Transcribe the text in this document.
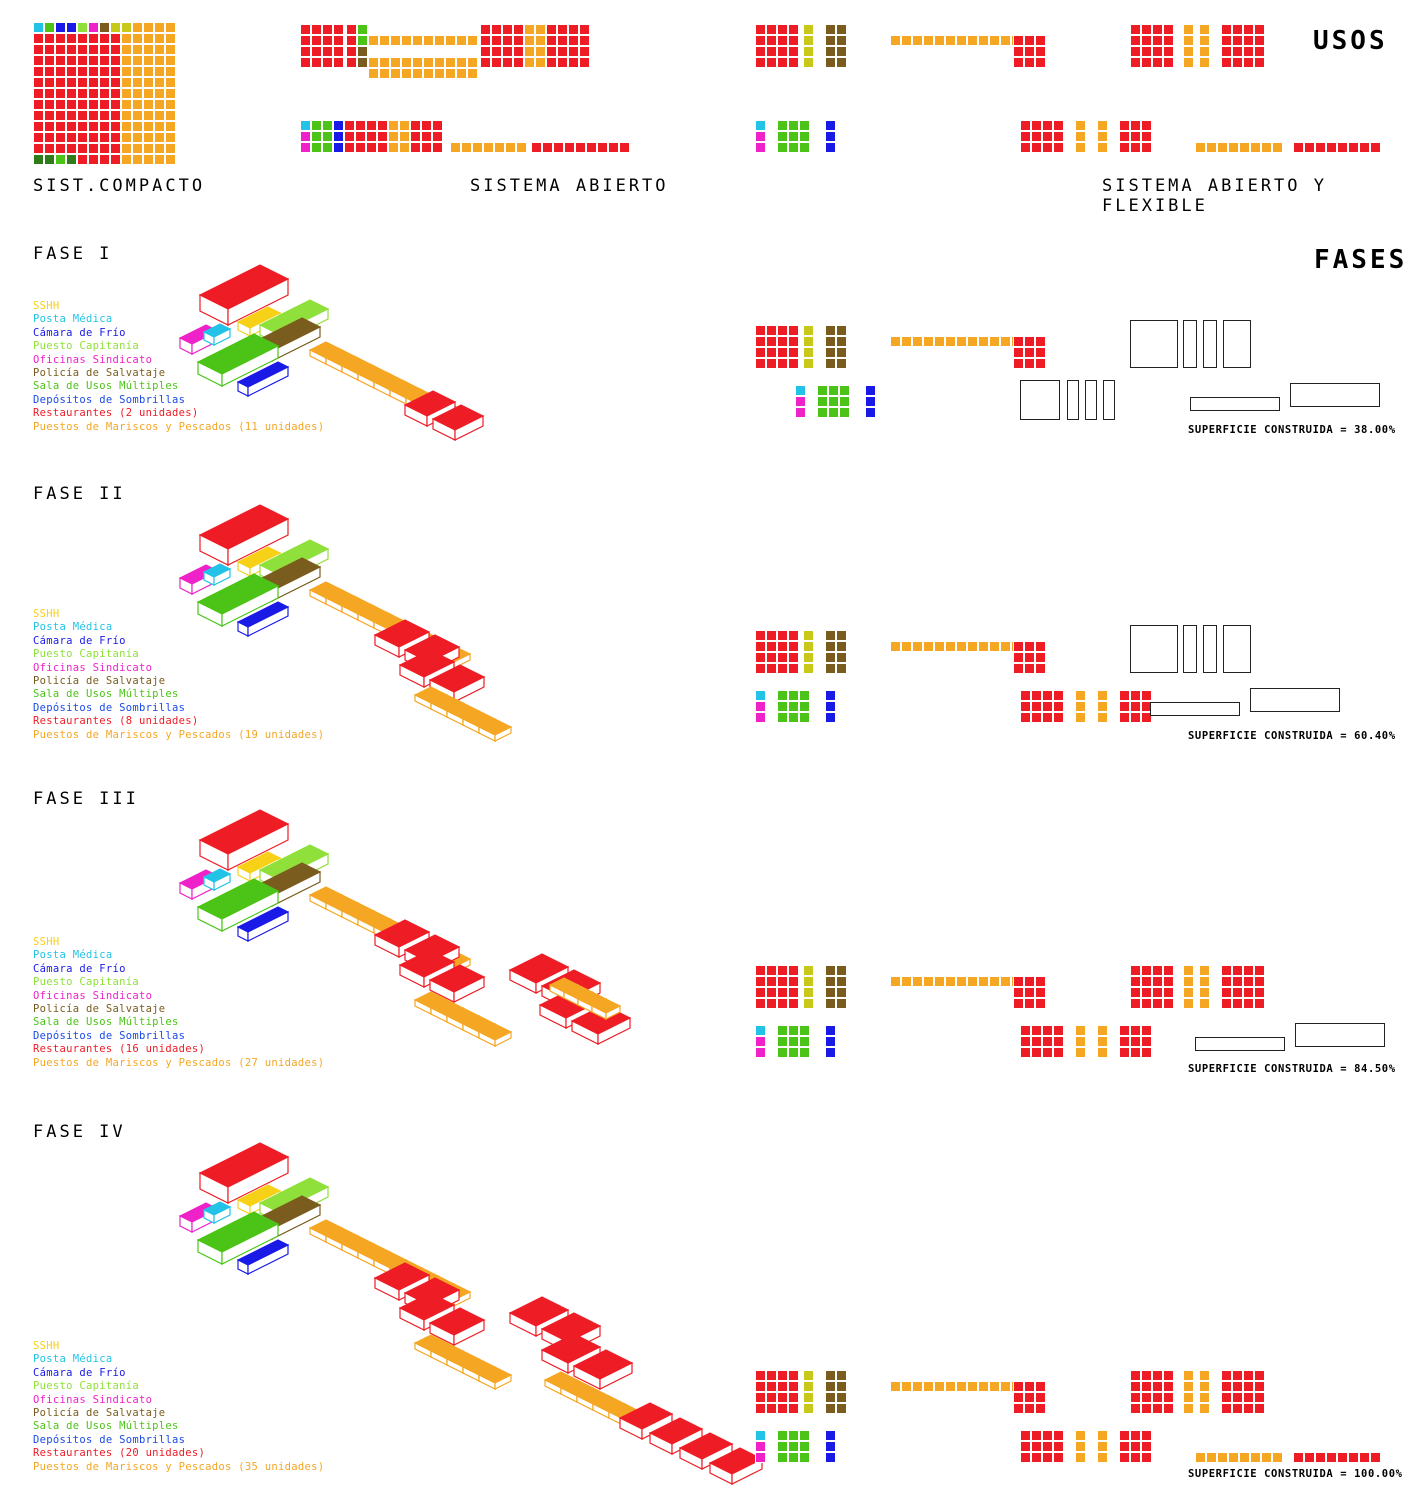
USOS
SIST.COMPACTO	SISTEMA ABIERTO	SISTEMA ABIERTO Y FLEXIBLE
FASES
FASE I
SSHH
Posta Médica
Cámara de Frío
Puesto Capitanía
Oficinas Sindicato
Policía de Salvataje
Sala de Usos Múltiples
Depósitos de Sombrillas
Restaurantes (2 unidades)
Puestos de Mariscos y Pescados (11 unidades)	SUPERFICIE CONSTRUIDA = 38.00%
FASE II
SSHH
Posta Médica
Cámara de Frío
Puesto Capitanía
Oficinas Sindicato
Policía de Salvataje
Sala de Usos Múltiples
Depósitos de Sombrillas
Restaurantes (8 unidades)
Puestos de Mariscos y Pescados (19 unidades)	SUPERFICIE CONSTRUIDA = 60.40%
FASE III
SSHH
Posta Médica
Cámara de Frío
Puesto Capitanía
Oficinas Sindicato
Policía de Salvataje
Sala de Usos Múltiples
Depósitos de Sombrillas
Restaurantes (16 unidades)
Puestos de Mariscos y Pescados (27 unidades)
SUPERFICIE CONSTRUIDA = 84.50%
FASE IV
SSHH
Posta Médica
Cámara de Frío
Puesto Capitanía
Oficinas Sindicato
Policía de Salvataje
Sala de Usos Múltiples
Depósitos de Sombrillas
Restaurantes (20 unidades)
Puestos de Mariscos y Pescados (35 unidades)
SUPERFICIE CONSTRUIDA = 100.00%
